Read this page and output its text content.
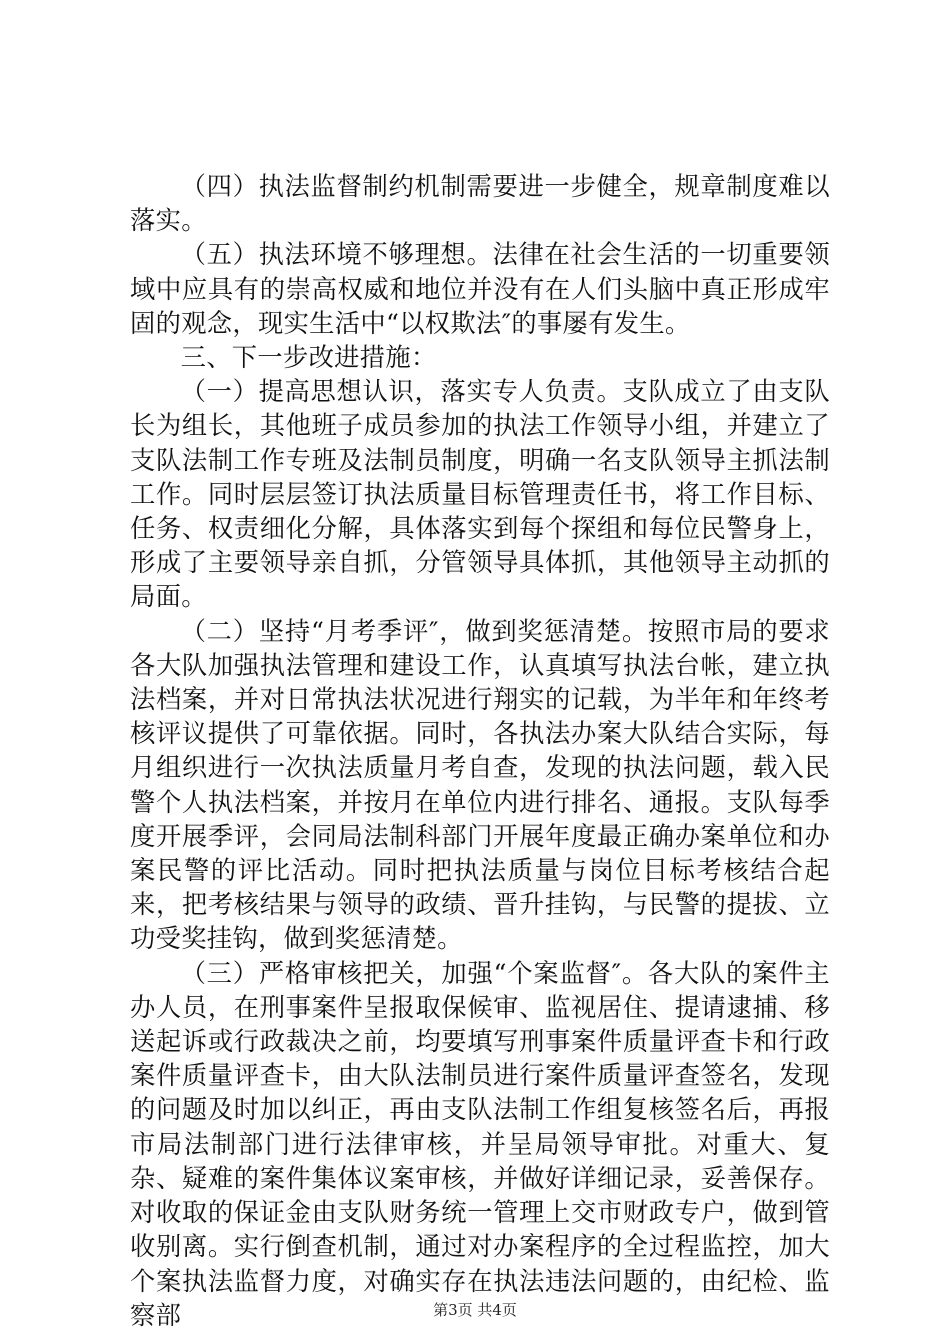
（四）执法监督制约机制需要进一步健全，规章制度难以落实。

（五）执法环境不够理想。法律在社会生活的一切重要领域中应具有的崇高权威和地位并没有在人们头脑中真正形成牢固的观念，现实生活中“以权欺法″的事屡有发生。

三、下一步改进措施：

（一）提高思想认识，落实专人负责。支队成立了由支队长为组长，其他班子成员参加的执法工作领导小组，并建立了支队法制工作专班及法制员制度，明确一名支队领导主抓法制工作。同时层层签订执法质量目标管理责任书，将工作目标、任务、权责细化分解，具体落实到每个探组和每位民警身上，形成了主要领导亲自抓，分管领导具体抓，其他领导主动抓的局面。

（二）坚持“月考季评″，做到奖惩清楚。按照市局的要求各大队加强执法管理和建设工作，认真填写执法台帐，建立执法档案，并对日常执法状况进行翔实的记载，为半年和年终考核评议提供了可靠依据。同时，各执法办案大队结合实际，每月组织进行一次执法质量月考自查，发现的执法问题，载入民警个人执法档案，并按月在单位内进行排名、通报。支队每季度开展季评，会同局法制科部门开展年度最正确办案单位和办案民警的评比活动。同时把执法质量与岗位目标考核结合起来，把考核结果与领导的政绩、晋升挂钩，与民警的提拔、立功受奖挂钩，做到奖惩清楚。

（三）严格审核把关，加强“个案监督″。各大队的案件主办人员，在刑事案件呈报取保候审、监视居住、提请逮捕、移送起诉或行政裁决之前，均要填写刑事案件质量评查卡和行政案件质量评查卡，由大队法制员进行案件质量评查签名，发现的问题及时加以纠正，再由支队法制工作组复核签名后，再报市局法制部门进行法律审核，并呈局领导审批。对重大、复杂、疑难的案件集体议案审核，并做好详细记录，妥善保存。对收取的保证金由支队财务统一管理上交市财政专户，做到管收别离。实行倒查机制，通过对办案程序的全过程监控，加大个案执法监督力度，对确实存在执法违法问题的，由纪检、监察部	第3页 共4页
